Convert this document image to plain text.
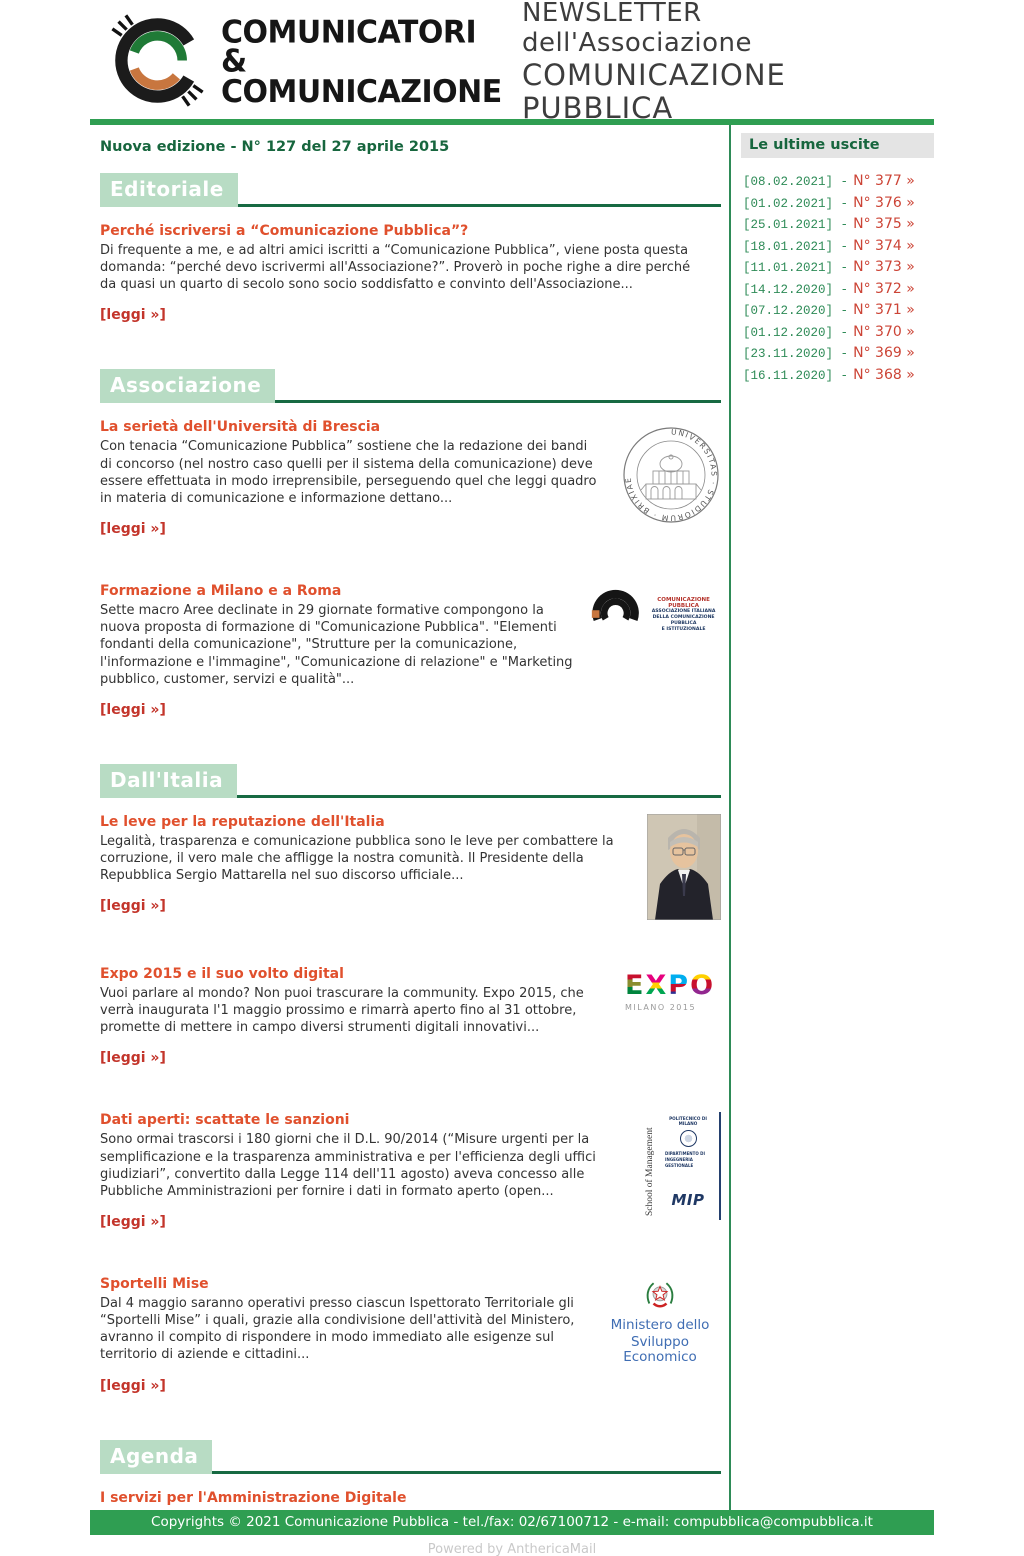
COMUNICATORI
& COMUNICAZIONE
NEWSLETTER dell'Associazione
COMUNICAZIONE PUBBLICA
Nuova edizione - N° 127 del 27 aprile 2015
Editoriale
Perché iscriversi a “Comunicazione Pubblica”?

Di frequente a me, e ad altri amici iscritti a “Comunicazione Pubblica”, viene posta questa domanda: “perché devo iscrivermi all'Associazione?”. Proverò in poche righe a dire perché da quasi un quarto di secolo sono socio soddisfatto e convinto dell'Associazione...

[leggi »]
Associazione
La serietà dell'Università di Brescia

Con tenacia “Comunicazione Pubblica” sostiene che la redazione dei bandi di concorso (nel nostro caso quelli per il sistema della comunicazione) deve essere effettuata in modo irreprensibile, perseguendo quel che leggi quadro in materia di comunicazione e informazione dettano...

[leggi »]
UNIVERSITAS · STUDIORUM · BRIXIAE
Formazione a Milano e a Roma

Sette macro Aree declinate in 29 giornate formative compongono la nuova proposta di formazione di "Comunicazione Pubblica". "Elementi fondanti della comunicazione", "Strutture per la comunicazione, l'informazione e l'immagine", "Comunicazione di relazione" e "Marketing pubblico, customer, servizi e qualità"...

[leggi »]
COMUNICAZIONE PUBBLICA
ASSOCIAZIONE ITALIANA
DELLA COMUNICAZIONE PUBBLICA
E ISTITUZIONALE
Dall'Italia
Le leve per la reputazione dell'Italia

Legalità, trasparenza e comunicazione pubblica sono le leve per combattere la corruzione, il vero male che affligge la nostra comunità. Il Presidente della Repubblica Sergio Mattarella nel suo discorso ufficiale...

[leggi »]
Expo 2015 e il suo volto digital

Vuoi parlare al mondo? Non puoi trascurare la community. Expo 2015, che verrà inaugurata l'1 maggio prossimo e rimarrà aperto fino al 31 ottobre, promette di mettere in campo diversi strumenti digitali innovativi...

[leggi »]
EXPO
MILANO 2015
Dati aperti: scattate le sanzioni

Sono ormai trascorsi i 180 giorni che il D.L. 90/2014 (“Misure urgenti per la semplificazione e la trasparenza amministrativa e per l'efficienza degli uffici giudiziari”, convertito dalla Legge 114 dell'11 agosto) aveva concesso alle Pubbliche Amministrazioni per fornire i dati in formato aperto (open...

[leggi »]
School of Management
POLITECNICO DI MILANO
DIPARTIMENTO DI INGEGNERIA GESTIONALE
MIP
Sportelli Mise

Dal 4 maggio saranno operativi presso ciascun Ispettorato Territoriale gli “Sportelli Mise” i quali, grazie alla condivisione dell'attività del Ministero, avranno il compito di rispondere in modo immediato alle esigenze sul territorio di aziende e cittadini...

[leggi »]
Ministero dello
Sviluppo Economico
Agenda
I servizi per l'Amministrazione Digitale
Le ultime uscite
[08.02.2021] - N° 377 »
[01.02.2021] - N° 376 »
[25.01.2021] - N° 375 »
[18.01.2021] - N° 374 »
[11.01.2021] - N° 373 »
[14.12.2020] - N° 372 »
[07.12.2020] - N° 371 »
[01.12.2020] - N° 370 »
[23.11.2020] - N° 369 »
[16.11.2020] - N° 368 »
Copyrights © 2021 Comunicazione Pubblica - tel./fax: 02/67100712 - e-mail: compubblica@compubblica.it
Powered by AnthericaMail
